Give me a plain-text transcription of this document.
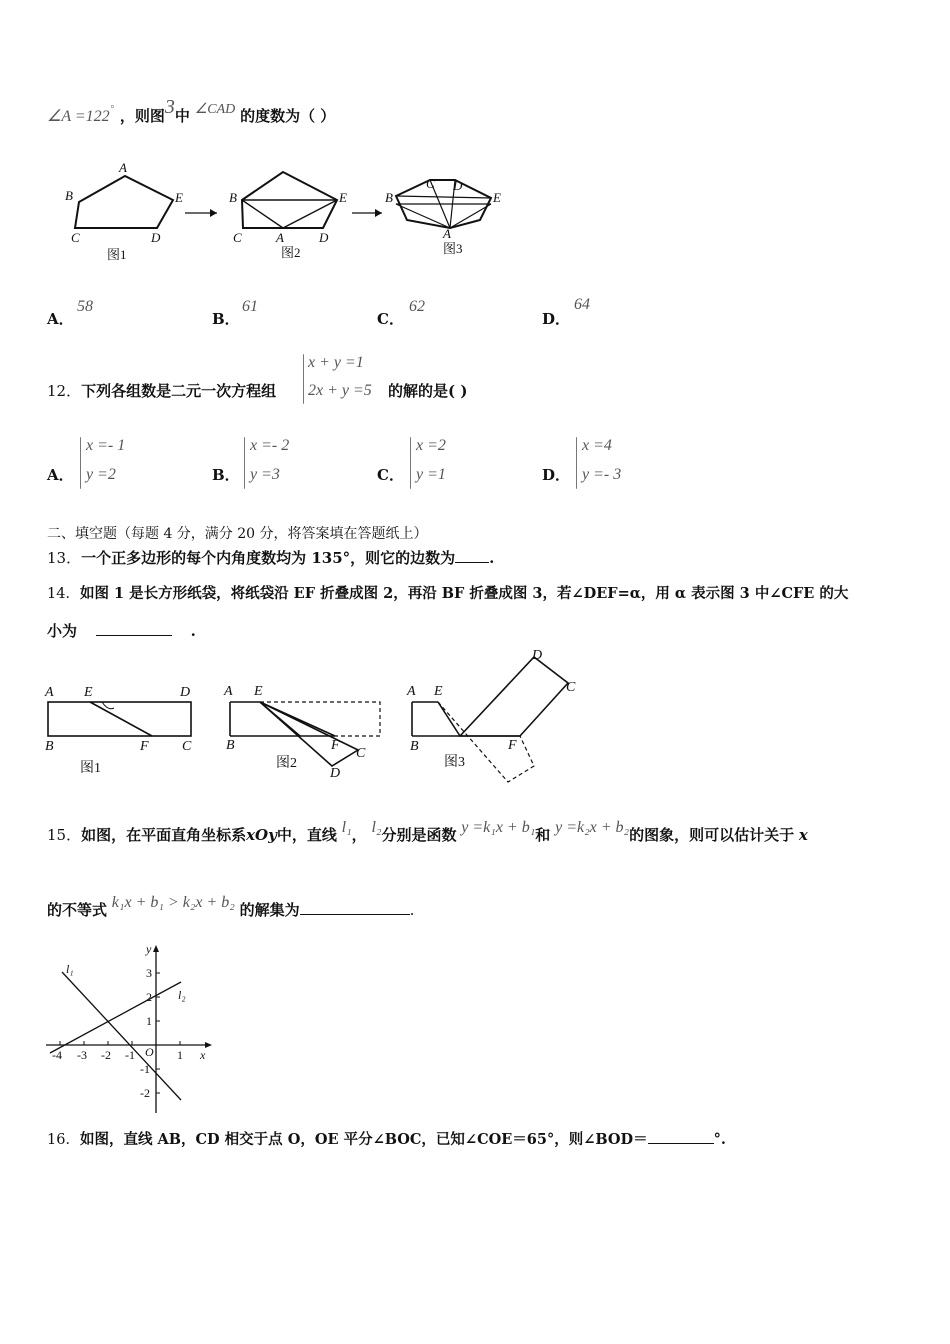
∠A =122˚ ，则图3中 ∠CAD 的度数为（ ）
A
B
C	D
E	B
C	A	D
E	B
C D
E
A
图1	图2	图3
A．
58
B．
61
C．
62
D．
64
12．下列各组数是二元一次方程组
x + y =1
2x + y =5 的解的是( )
A．
x =- 1
y =2	B．
x =- 2
y =3	C．
x =2
y =1	D．
x =4
y =- 3
二、填空题（每题 4 分，满分 20 分，将答案填在答题纸上）
13．一个正多边形的每个内角度数均为 135°，则它的边数为 .
14．如图 1 是长方形纸袋，将纸袋沿 EF 折叠成图 2，再沿 BF 折叠成图 3，若∠DEF=α，用 α 表示图 3 中∠CFE 的大
小为	.
A E	D
B	F C
A E
B	F
C
D
A E
B	F
C
D
图1	图2	图3
15．如图，在平面直角坐标系xOy中，直线 l₁， l₂分别是函数 y =k₁x + b₁和 y =k₂x + b₂的图象，则可以估计关于 x
的不等式 k₁x + b₁ > k₂x + b₂ 的解集为	.
-4 -3 -2 -1	1
3
2
1
-1
-2
O	x
y
l₁
l₂
16．如图，直线 AB，CD 相交于点 O，OE 平分∠BOC，已知∠COE＝65°，则∠BOD＝	°.
